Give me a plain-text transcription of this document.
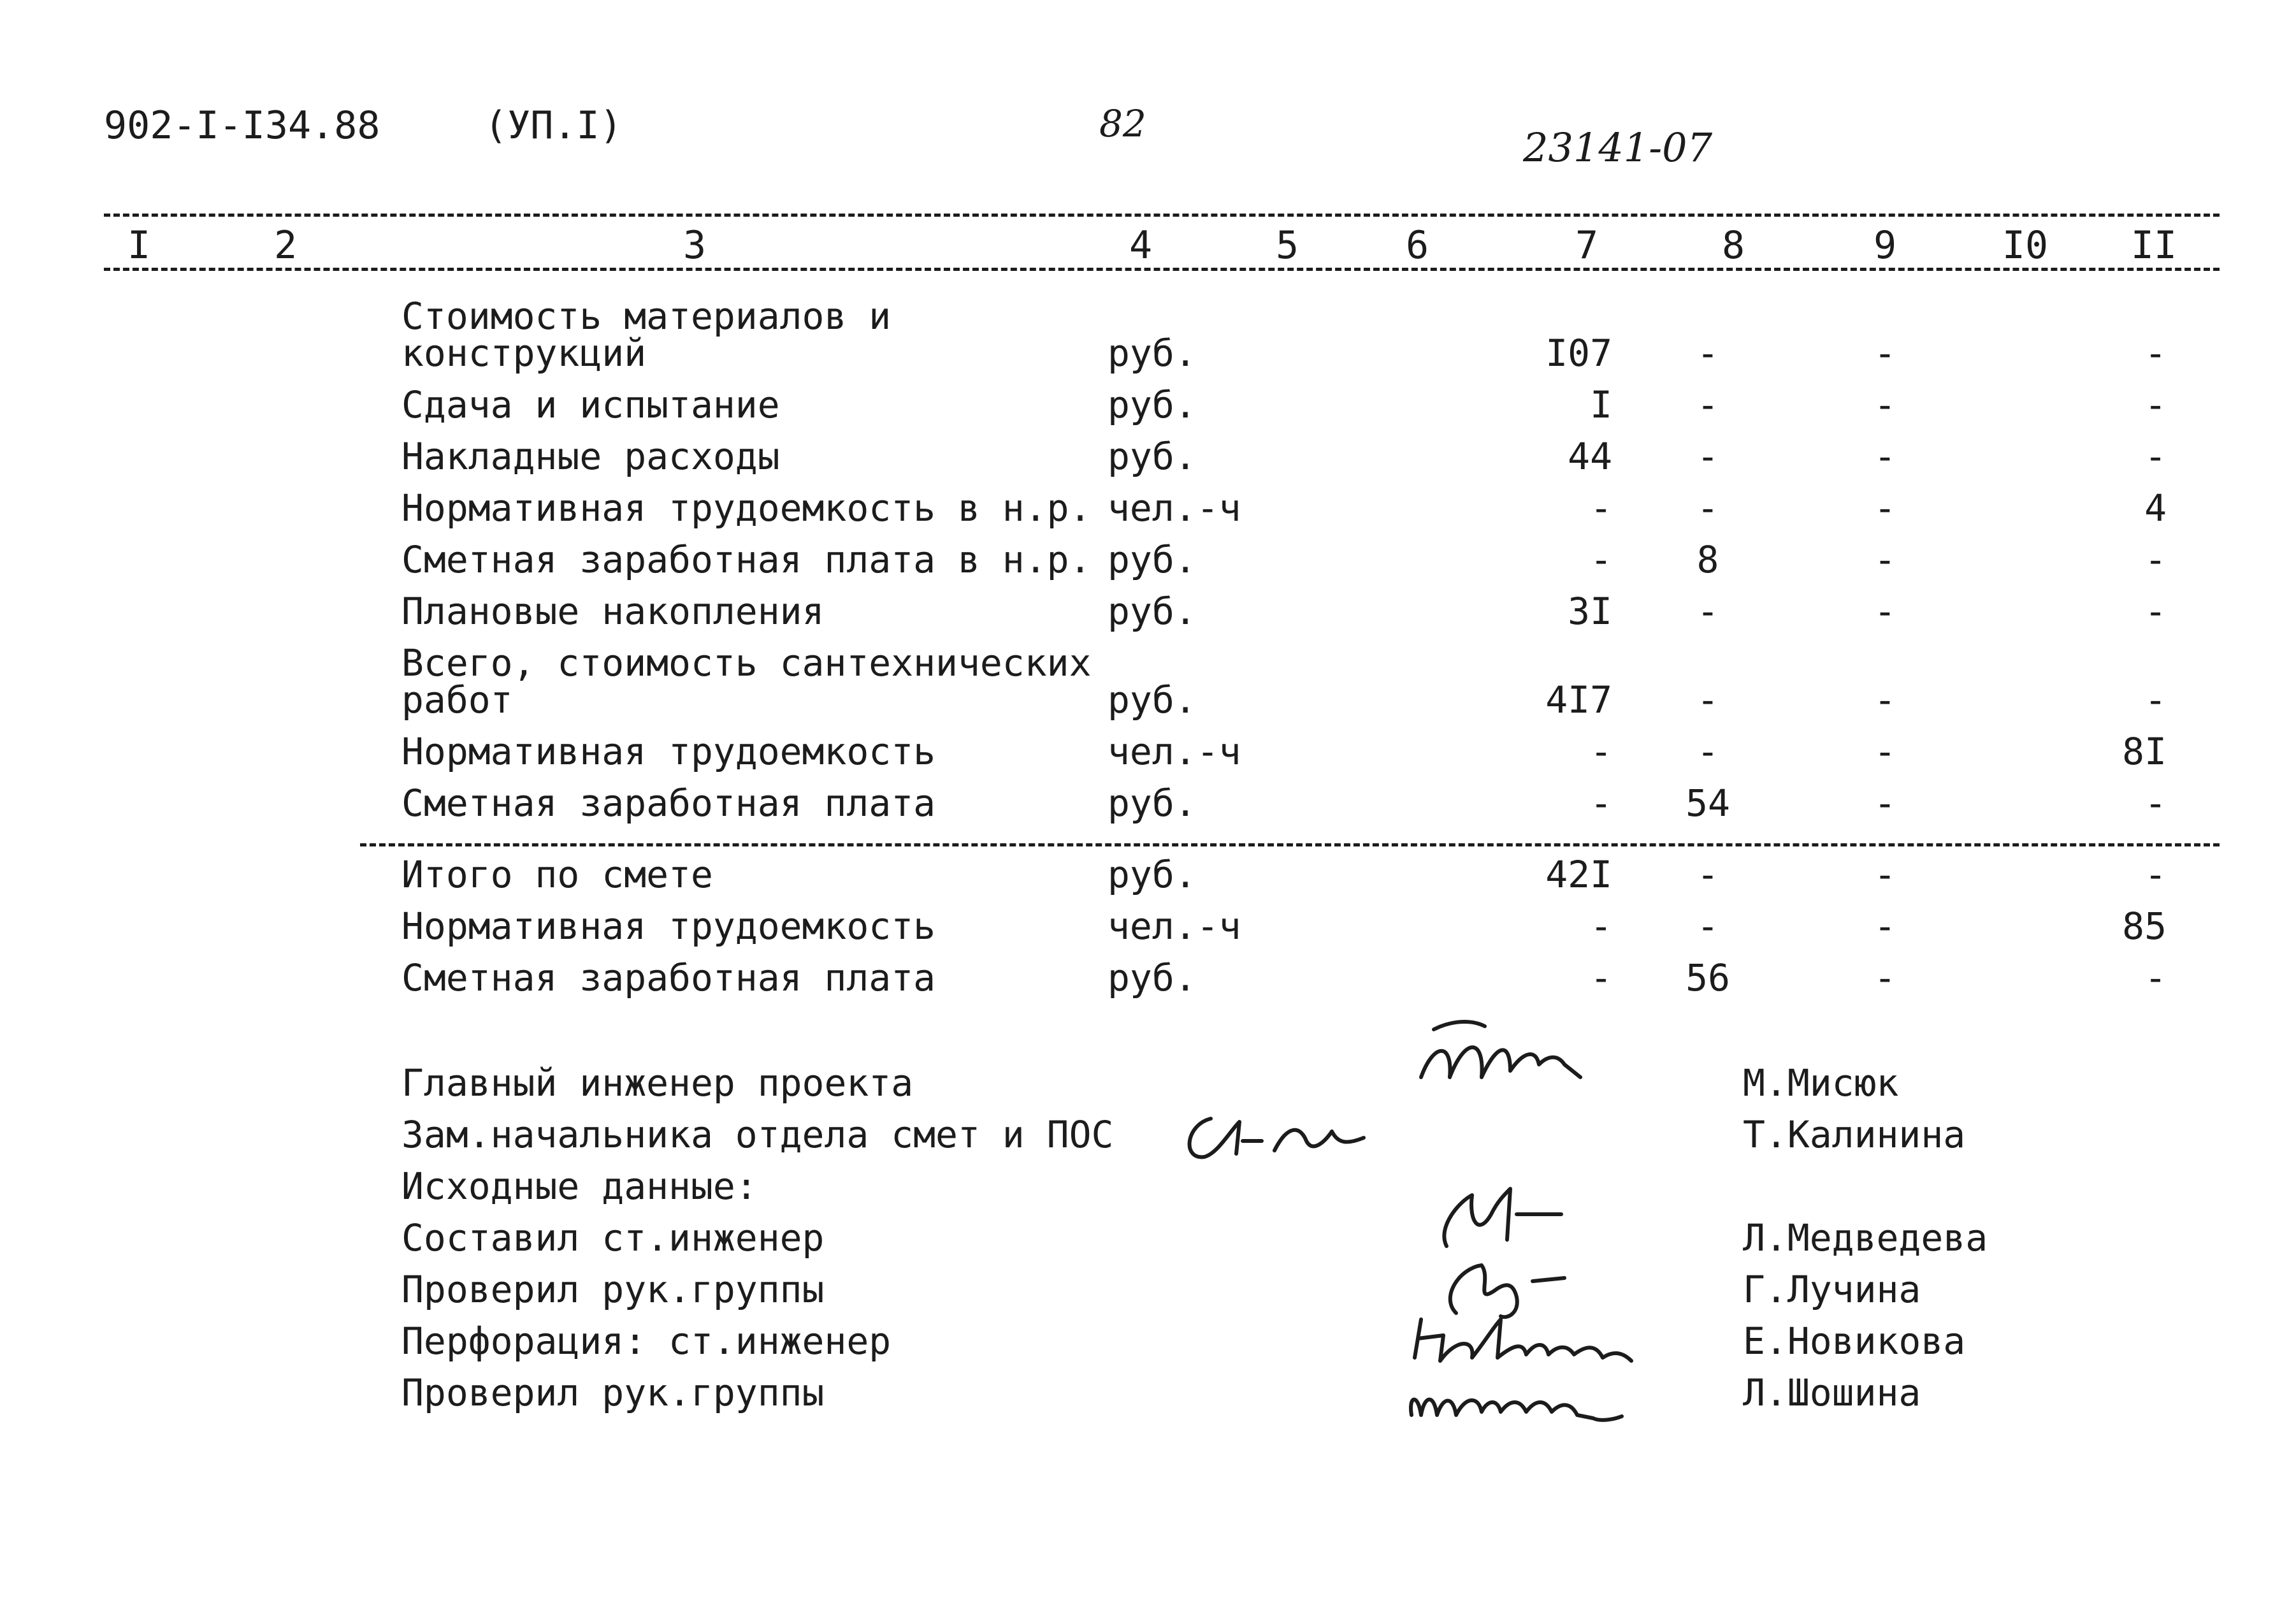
902-I-I34.88	(УП.I)	82
23141-07
I	2	3	4	5	6	7	8	9	I0	II
Стоимость материалов и
конструкций	руб.	I07	-	-	-
Сдача и испытание	руб.	I	-	-	-
Накладные расходы	руб.	44	-	-	-
Нормативная трудоемкость в н.р. чел.-ч	-	-	-	4
Сметная заработная плата в н.р. руб.	-	8	-	-
Плановые накопления	руб.	3I	-	-	-
Всего, стоимость сантехнических
работ	руб.	4I7	-	-	-
Нормативная трудоемкость	чел.-ч	-	-	-	8I
Сметная заработная плата	руб.	-	54	-	-
Итого по смете	руб.	42I	-	-	-
Нормативная трудоемкость	чел.-ч	-	-	-	85
Сметная заработная плата	руб.	-	56	-	-
Главный инженер проекта	М.Мисюк
Зам.начальника отдела смет и ПОС	Т.Калинина
Исходные данные:
Составил ст.инженер	Л.Медведева
Проверил рук.группы	Г.Лучина
Перфорация: ст.инженер	Е.Новикова
Проверил рук.группы	Л.Шошина
